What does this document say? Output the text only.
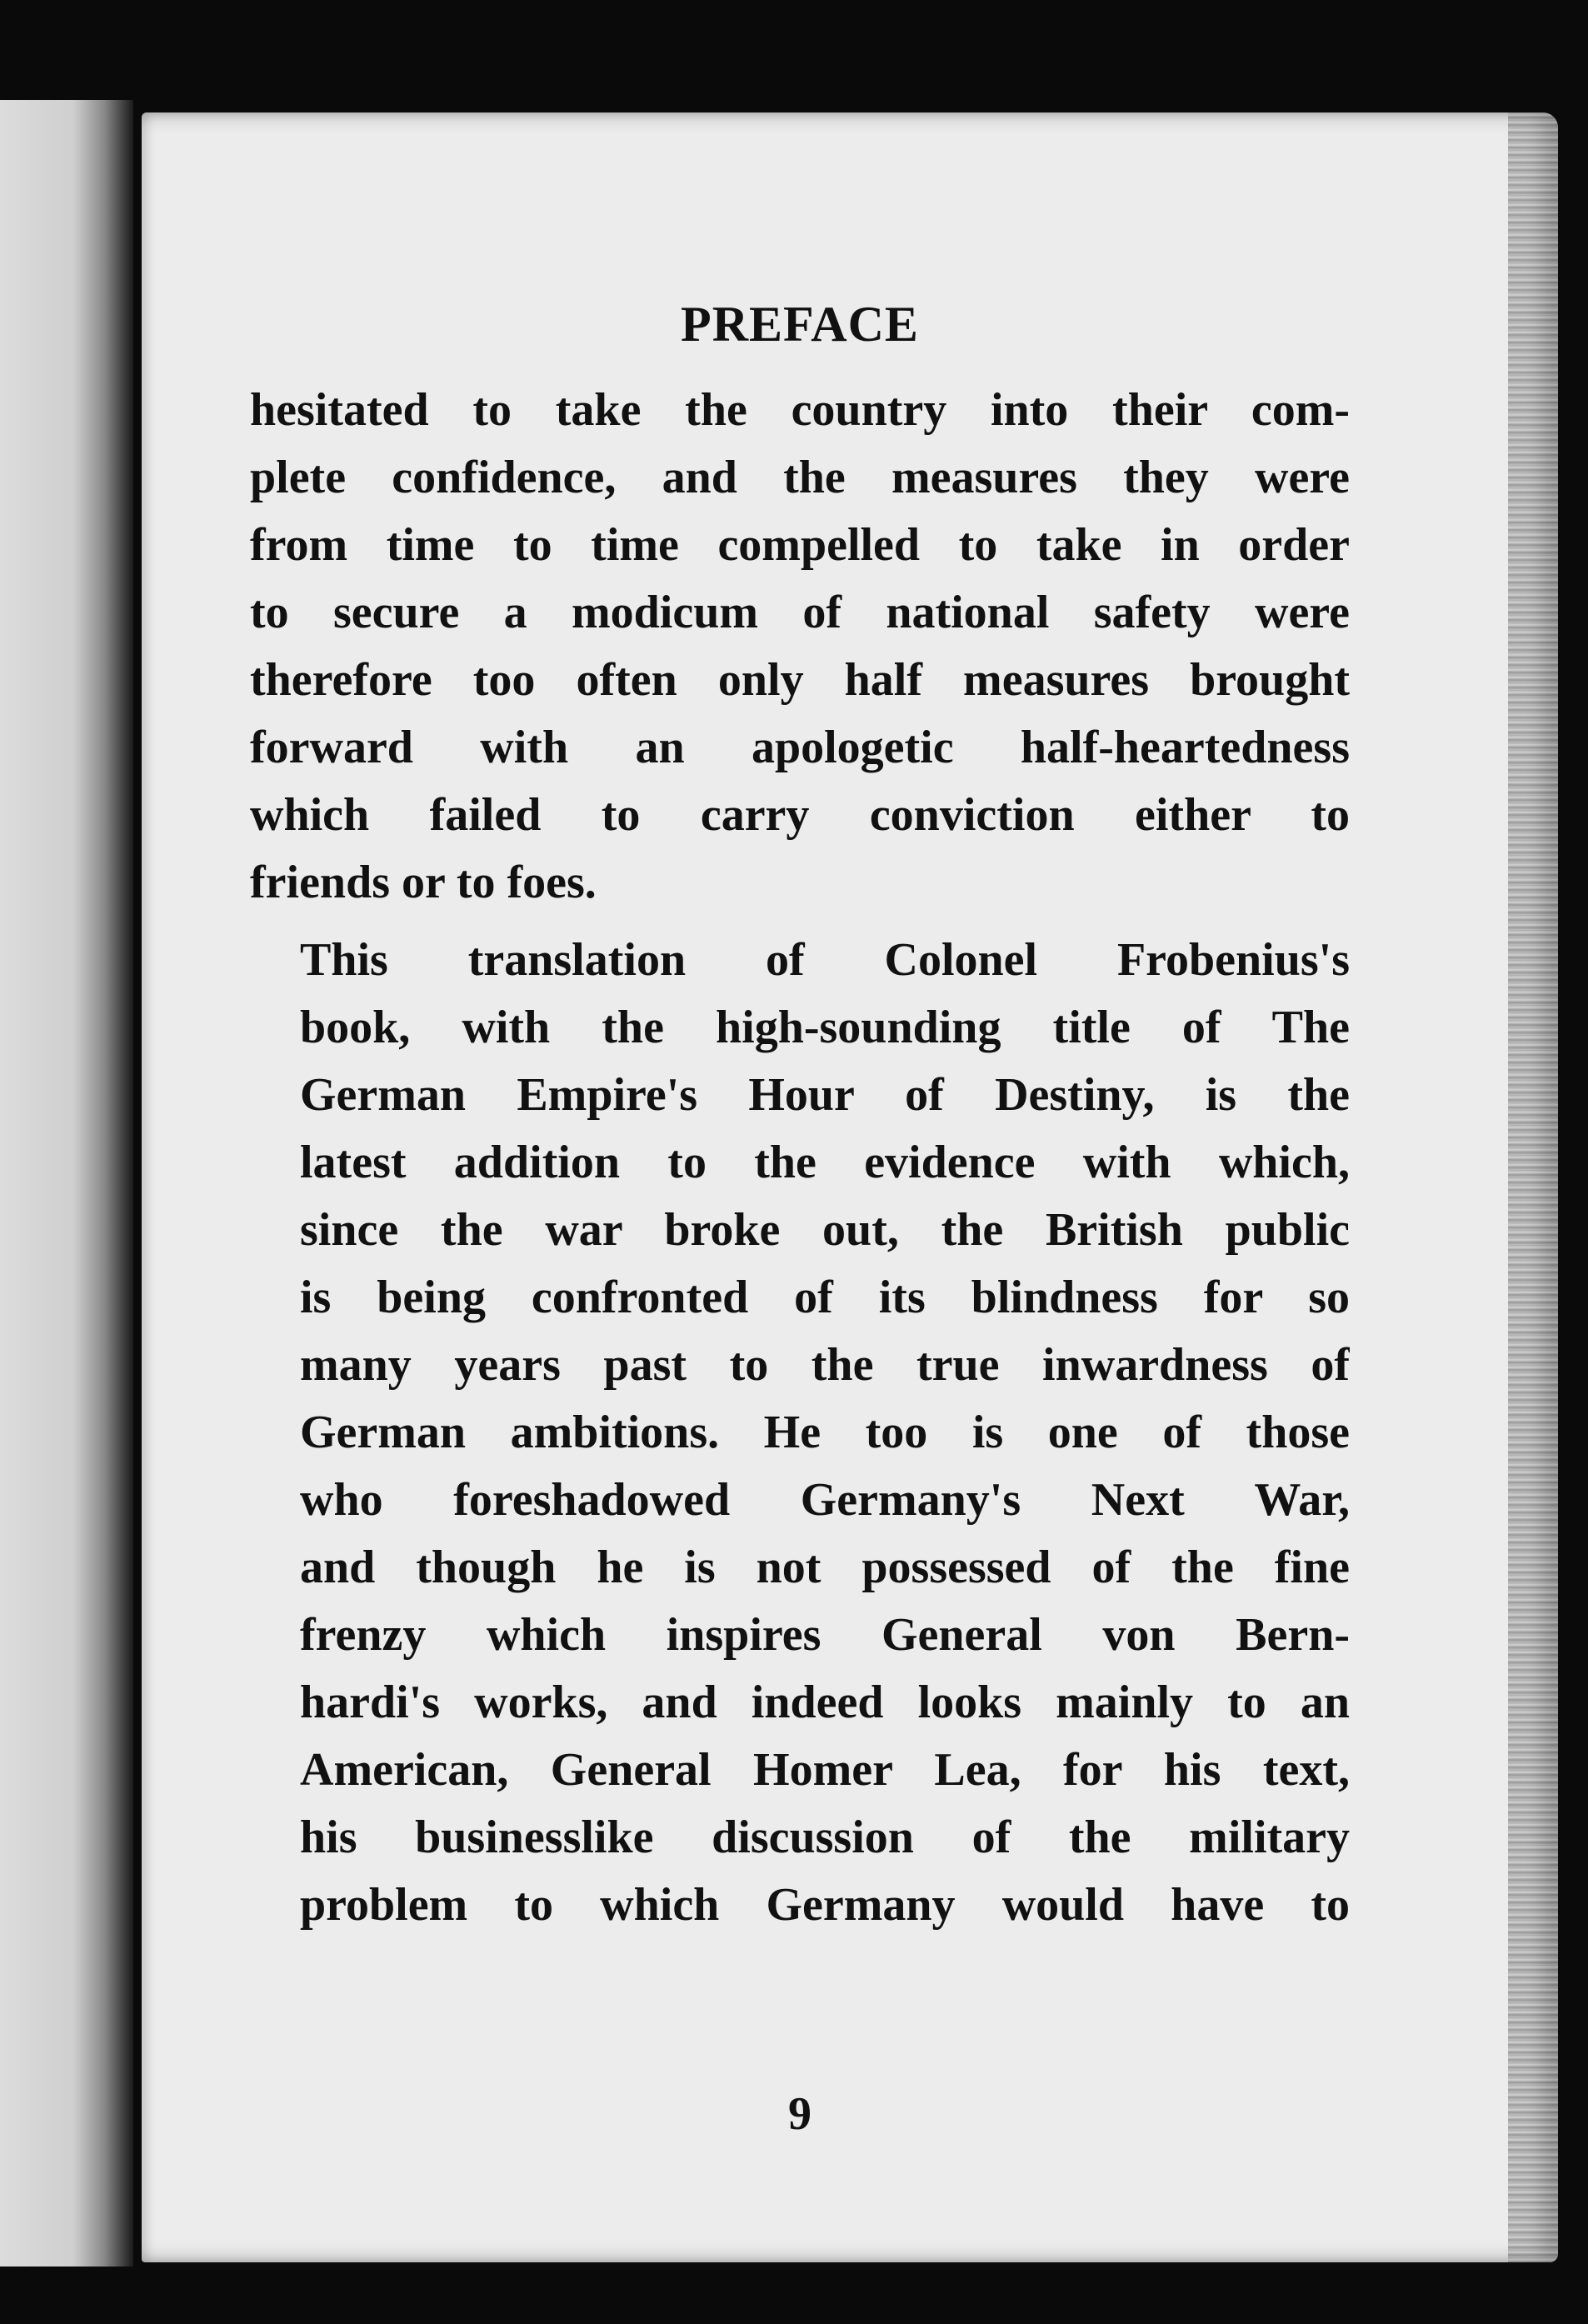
PREFACE

hesitated to take the country into their com-
plete confidence, and the measures they were
from time to time compelled to take in order
to secure a modicum of national safety were
therefore too often only half measures brought
forward with an apologetic half-heartedness
which failed to carry conviction either to
friends or to foes.

This translation of Colonel Frobenius's
book, with the high-sounding title of The
German Empire's Hour of Destiny, is the
latest addition to the evidence with which,
since the war broke out, the British public
is being confronted of its blindness for so
many years past to the true inwardness of
German ambitions. He too is one of those
who foreshadowed Germany's Next War,
and though he is not possessed of the fine
frenzy which inspires General von Bern-
hardi's works, and indeed looks mainly to an
American, General Homer Lea, for his text,
his businesslike discussion of the military
problem to which Germany would have to

9
